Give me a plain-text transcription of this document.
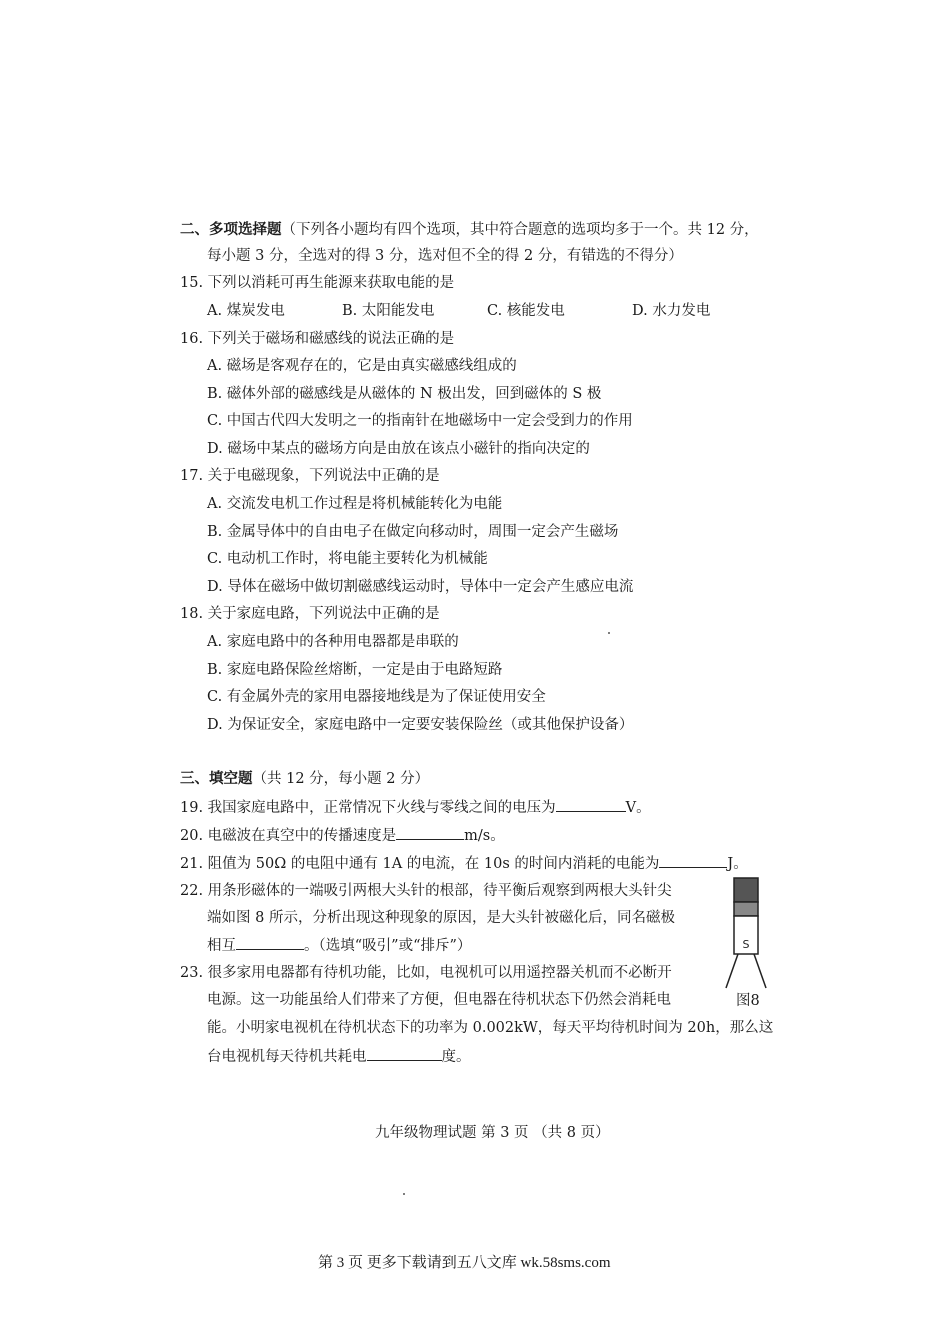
二、多项选择题（下列各小题均有四个选项，其中符合题意的选项均多于一个。共 12 分，
每小题 3 分，全选对的得 3 分，选对但不全的得 2 分，有错选的不得分）
15. 下列以消耗可再生能源来获取电能的是
A. 煤炭发电	B. 太阳能发电	C. 核能发电	D. 水力发电
16. 下列关于磁场和磁感线的说法正确的是
A. 磁场是客观存在的，它是由真实磁感线组成的
B. 磁体外部的磁感线是从磁体的 N 极出发，回到磁体的 S 极
C. 中国古代四大发明之一的指南针在地磁场中一定会受到力的作用
D. 磁场中某点的磁场方向是由放在该点小磁针的指向决定的
17. 关于电磁现象，下列说法中正确的是
A. 交流发电机工作过程是将机械能转化为电能
B. 金属导体中的自由电子在做定向移动时，周围一定会产生磁场
C. 电动机工作时，将电能主要转化为机械能
D. 导体在磁场中做切割磁感线运动时，导体中一定会产生感应电流
18. 关于家庭电路，下列说法中正确的是
A. 家庭电路中的各种用电器都是串联的
B. 家庭电路保险丝熔断，一定是由于电路短路
C. 有金属外壳的家用电器接地线是为了保证使用安全
D. 为保证安全，家庭电路中一定要安装保险丝（或其他保护设备）
三、填空题（共 12 分，每小题 2 分）
19. 我国家庭电路中，正常情况下火线与零线之间的电压为	V。
20. 电磁波在真空中的传播速度是	m/s。
21. 阻值为 50Ω 的电阻中通有 1A 的电流，在 10s 的时间内消耗的电能为	J。
22. 用条形磁体的一端吸引两根大头针的根部，待平衡后观察到两根大头针尖
端如图 8 所示，分析出现这种现象的原因，是大头针被磁化后，同名磁极
相互	。（选填“吸引”或“排斥”）
23. 很多家用电器都有待机功能，比如，电视机可以用遥控器关机而不必断开
电源。这一功能虽给人们带来了方便，但电器在待机状态下仍然会消耗电
能。小明家电视机在待机状态下的功率为 0.002kW，每天平均待机时间为 20h，那么这
台电视机每天待机共耗电	度。
S
图8
九年级物理试题 第 3 页 （共 8 页）
第 3 页 更多下载请到五八文库 wk.58sms.com
